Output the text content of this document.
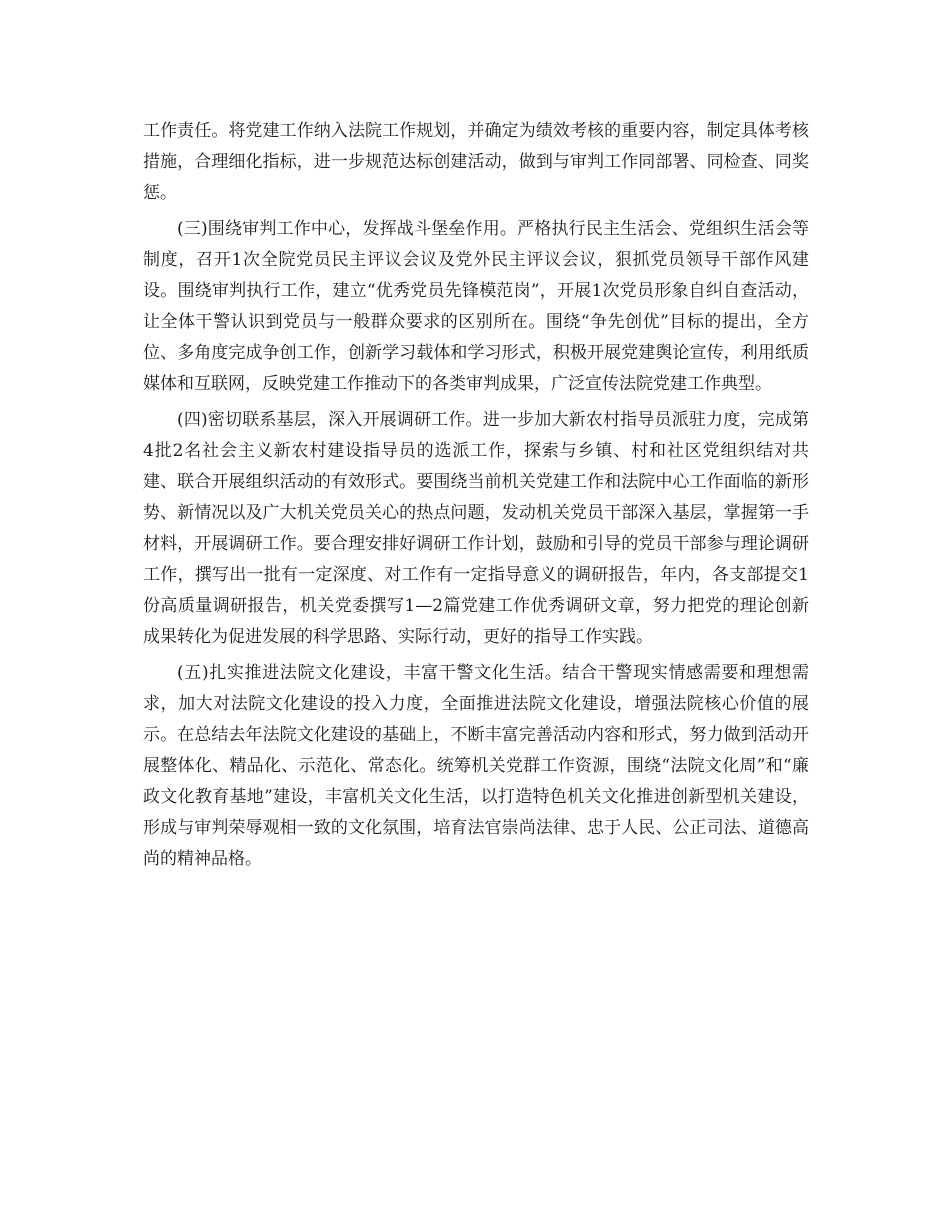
工作责任。将党建工作纳入法院工作规划，并确定为绩效考核的重要内容，制定具体考核措施，合理细化指标，进一步规范达标创建活动，做到与审判工作同部署、同检查、同奖惩。

(三)围绕审判工作中心，发挥战斗堡垒作用。严格执行民主生活会、党组织生活会等制度，召开1次全院党员民主评议会议及党外民主评议会议，狠抓党员领导干部作风建设。围绕审判执行工作，建立“优秀党员先锋模范岗”，开展1次党员形象自纠自查活动，让全体干警认识到党员与一般群众要求的区别所在。围绕“争先创优”目标的提出，全方位、多角度完成争创工作，创新学习载体和学习形式，积极开展党建舆论宣传，利用纸质媒体和互联网，反映党建工作推动下的各类审判成果，广泛宣传法院党建工作典型。

(四)密切联系基层，深入开展调研工作。进一步加大新农村指导员派驻力度，完成第4批2名社会主义新农村建设指导员的选派工作，探索与乡镇、村和社区党组织结对共建、联合开展组织活动的有效形式。要围绕当前机关党建工作和法院中心工作面临的新形势、新情况以及广大机关党员关心的热点问题，发动机关党员干部深入基层，掌握第一手材料，开展调研工作。要合理安排好调研工作计划，鼓励和引导的党员干部参与理论调研工作，撰写出一批有一定深度、对工作有一定指导意义的调研报告，年内，各支部提交1份高质量调研报告，机关党委撰写1—2篇党建工作优秀调研文章，努力把党的理论创新成果转化为促进发展的科学思路、实际行动，更好的指导工作实践。

(五)扎实推进法院文化建设，丰富干警文化生活。结合干警现实情感需要和理想需求，加大对法院文化建设的投入力度，全面推进法院文化建设，增强法院核心价值的展示。在总结去年法院文化建设的基础上，不断丰富完善活动内容和形式，努力做到活动开展整体化、精品化、示范化、常态化。统筹机关党群工作资源，围绕“法院文化周”和“廉政文化教育基地”建设，丰富机关文化生活，以打造特色机关文化推进创新型机关建设，形成与审判荣辱观相一致的文化氛围，培育法官崇尚法律、忠于人民、公正司法、道德高尚的精神品格。
